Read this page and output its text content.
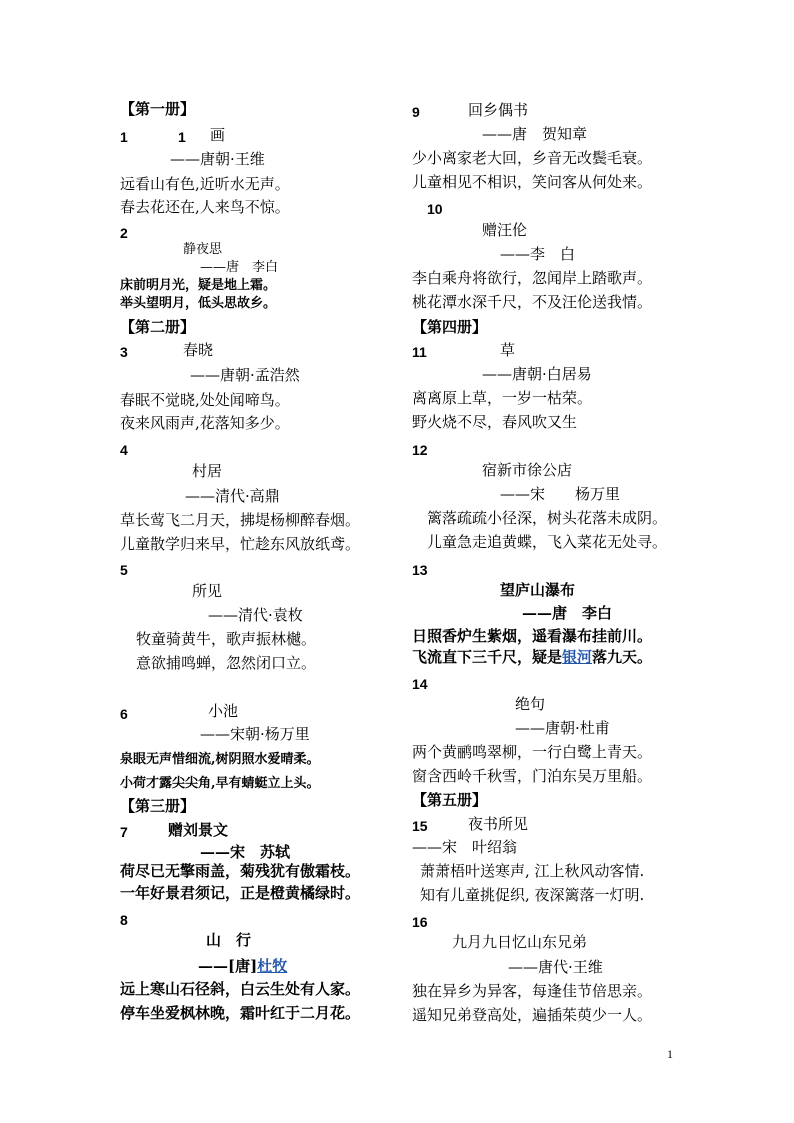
【第一册】
1	1 画
——唐朝·王维
远看山有色,近听水无声。
春去花还在,人来鸟不惊。
2
静夜思
——唐　李白
床前明月光，疑是地上霜。
举头望明月，低头思故乡。
【第二册】
3	春晓
——唐朝·孟浩然
春眠不觉晓,处处闻啼鸟。
夜来风雨声,花落知多少。
4
村居
——清代·高鼎
草长莺飞二月天，拂堤杨柳醉春烟。
儿童散学归来早，忙趁东风放纸鸢。
5
所见
——清代·袁枚
牧童骑黄牛，歌声振林樾。
意欲捕鸣蝉，忽然闭口立。
6	小池
——宋朝·杨万里
泉眼无声惜细流,树阴照水爱晴柔。
小荷才露尖尖角,早有蜻蜓立上头。
【第三册】
7	赠刘景文
——宋　苏轼
荷尽已无擎雨盖，菊残犹有傲霜枝。
一年好景君须记，正是橙黄橘绿时。
8
山　行
——[唐]杜牧
远上寒山石径斜，白云生处有人家。
停车坐爱枫林晚，霜叶红于二月花。
9	回乡偶书
——唐　贺知章
少小离家老大回，乡音无改鬓毛衰。
儿童相见不相识，笑问客从何处来。
10
赠汪伦
——李　白
李白乘舟将欲行，忽闻岸上踏歌声。
桃花潭水深千尺，不及汪伦送我情。
【第四册】
11	草
——唐朝·白居易
离离原上草，一岁一枯荣。
野火烧不尽，春风吹又生
12
宿新市徐公店
——宋　　杨万里
篱落疏疏小径深，树头花落未成阴。
儿童急走追黄蝶，飞入菜花无处寻。
13
望庐山瀑布
——唐　李白
日照香炉生紫烟，遥看瀑布挂前川。
飞流直下三千尺，疑是银河落九天。
14
绝句
——唐朝·杜甫
两个黄鹂鸣翠柳，一行白鹭上青天。
窗含西岭千秋雪，门泊东吴万里船。
【第五册】
15	夜书所见
——宋　叶绍翁
萧萧梧叶送寒声, 江上秋风动客情.
知有儿童挑促织, 夜深篱落一灯明.
16
九月九日忆山东兄弟
——唐代·王维
独在异乡为异客，每逢佳节倍思亲。
遥知兄弟登高处，遍插茱萸少一人。
1
